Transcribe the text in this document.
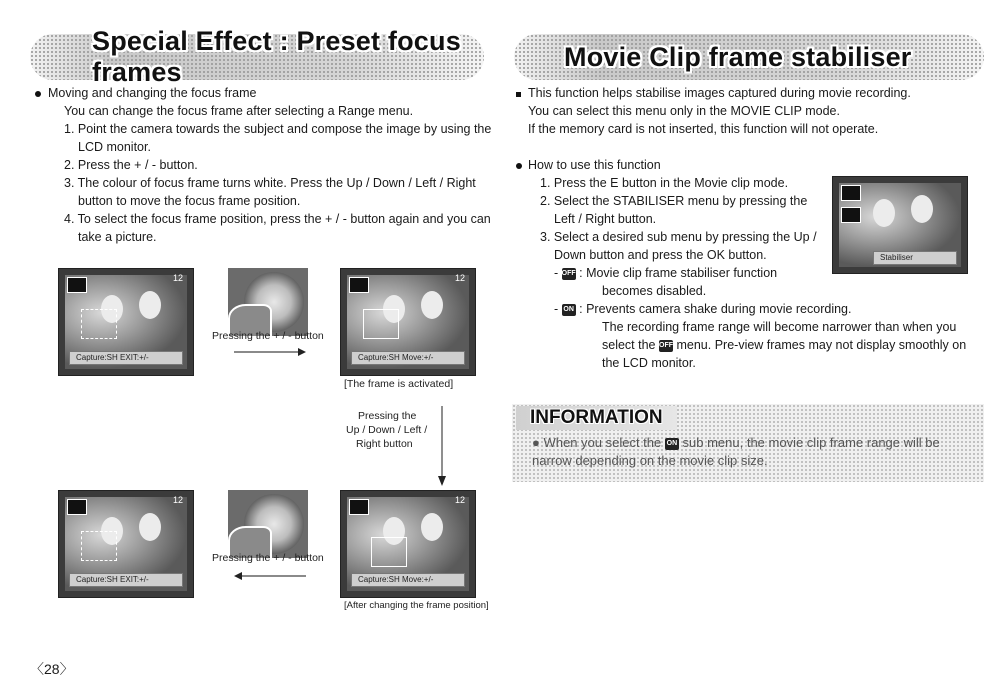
Special Effect : Preset focus frames
Movie Clip frame stabiliser
Moving and changing the focus frame
You can change the focus frame after selecting a Range menu.
1. Point the camera towards the subject and compose the image by using the
LCD monitor.
2. Press the + / - button.
3. The colour of focus frame turns white. Press the Up / Down / Left / Right
button to move the focus frame position.
4. To select the focus frame position, press the + / - button again and you can
take a picture.
12
Capture:SH EXIT:+/-
Pressing the + / - button
12
Capture:SH Move:+/-
[The frame is activated]
Pressing the
Up / Down / Left /
Right button
12
Capture:SH EXIT:+/-
Pressing the + / - button
12
Capture:SH Move:+/-
[After changing the frame position]
〈28〉
This function helps stabilise images captured during movie recording.
You can select this menu only in the MOVIE CLIP mode.
If the memory card is not inserted, this function will not operate.
How to use this function
1. Press the E button in the Movie clip mode.
2. Select the STABILISER menu by pressing the
Left / Right button.
3. Select a desired sub menu by pressing the Up /
Down button and press the OK button.
- OFF : Movie clip frame stabiliser function
becomes disabled.
- ON : Prevents camera shake during movie recording.
The recording frame range will become narrower than when you
select the OFF menu. Pre-view frames may not display smoothly on
the LCD monitor.
Stabiliser
INFORMATION
● When you select the ON sub menu, the movie clip frame range will be
narrow depending on the movie clip size.
